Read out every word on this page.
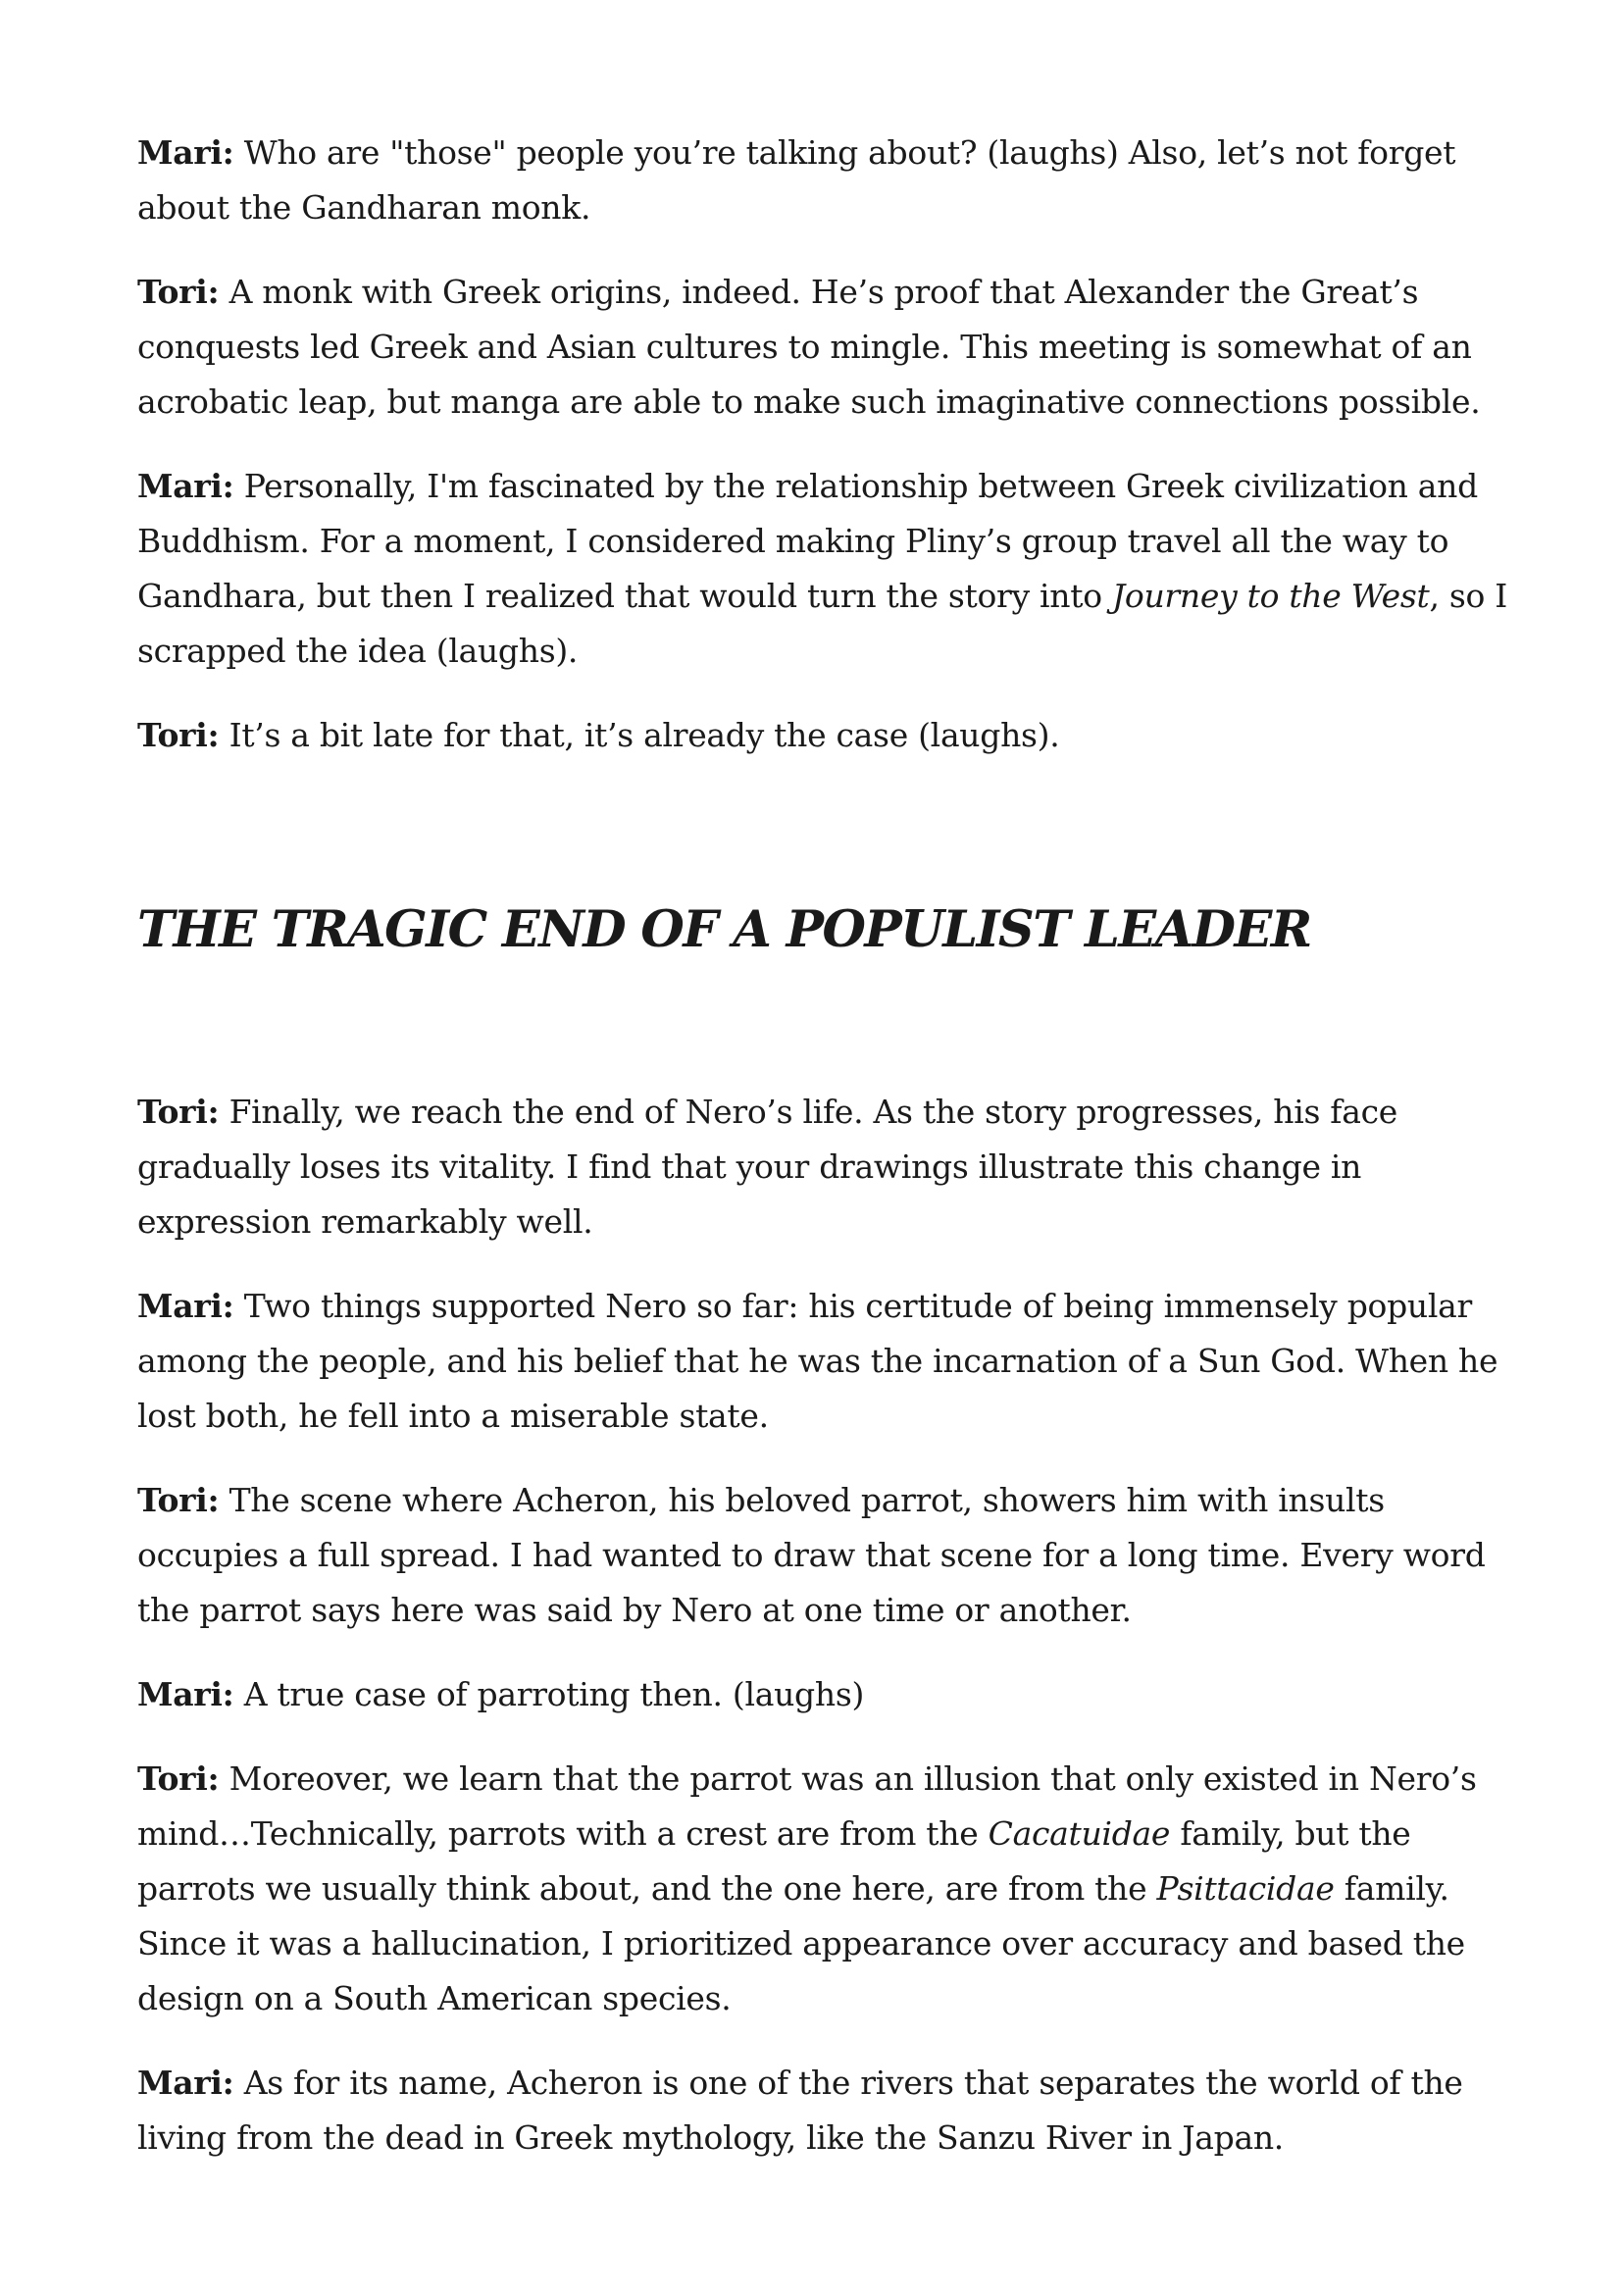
Mari: Who are "those" people you’re talking about? (laughs) Also, let’s not forget about the Gandharan monk.

Tori: A monk with Greek origins, indeed. He’s proof that Alexander the Great’s conquests led Greek and Asian cultures to mingle. This meeting is somewhat of an acrobatic leap, but manga are able to make such imaginative connections possible.

Mari: Personally, I'm fascinated by the relationship between Greek civilization and Buddhism. For a moment, I considered making Pliny’s group travel all the way to Gandhara, but then I realized that would turn the story into Journey to the West, so I scrapped the idea (laughs).

Tori: It’s a bit late for that, it’s already the case (laughs).

THE TRAGIC END OF A POPULIST LEADER

Tori: Finally, we reach the end of Nero’s life. As the story progresses, his face gradually loses its vitality. I find that your drawings illustrate this change in expression remarkably well.

Mari: Two things supported Nero so far: his certitude of being immensely popular among the people, and his belief that he was the incarnation of a Sun God. When he lost both, he fell into a miserable state.

Tori: The scene where Acheron, his beloved parrot, showers him with insults occupies a full spread. I had wanted to draw that scene for a long time. Every word the parrot says here was said by Nero at one time or another.

Mari: A true case of parroting then. (laughs)

Tori: Moreover, we learn that the parrot was an illusion that only existed in Nero’s mind…Technically, parrots with a crest are from the Cacatuidae family, but the parrots we usually think about, and the one here, are from the Psittacidae family. Since it was a hallucination, I prioritized appearance over accuracy and based the design on a South American species.

Mari: As for its name, Acheron is one of the rivers that separates the world of the living from the dead in Greek mythology, like the Sanzu River in Japan.
